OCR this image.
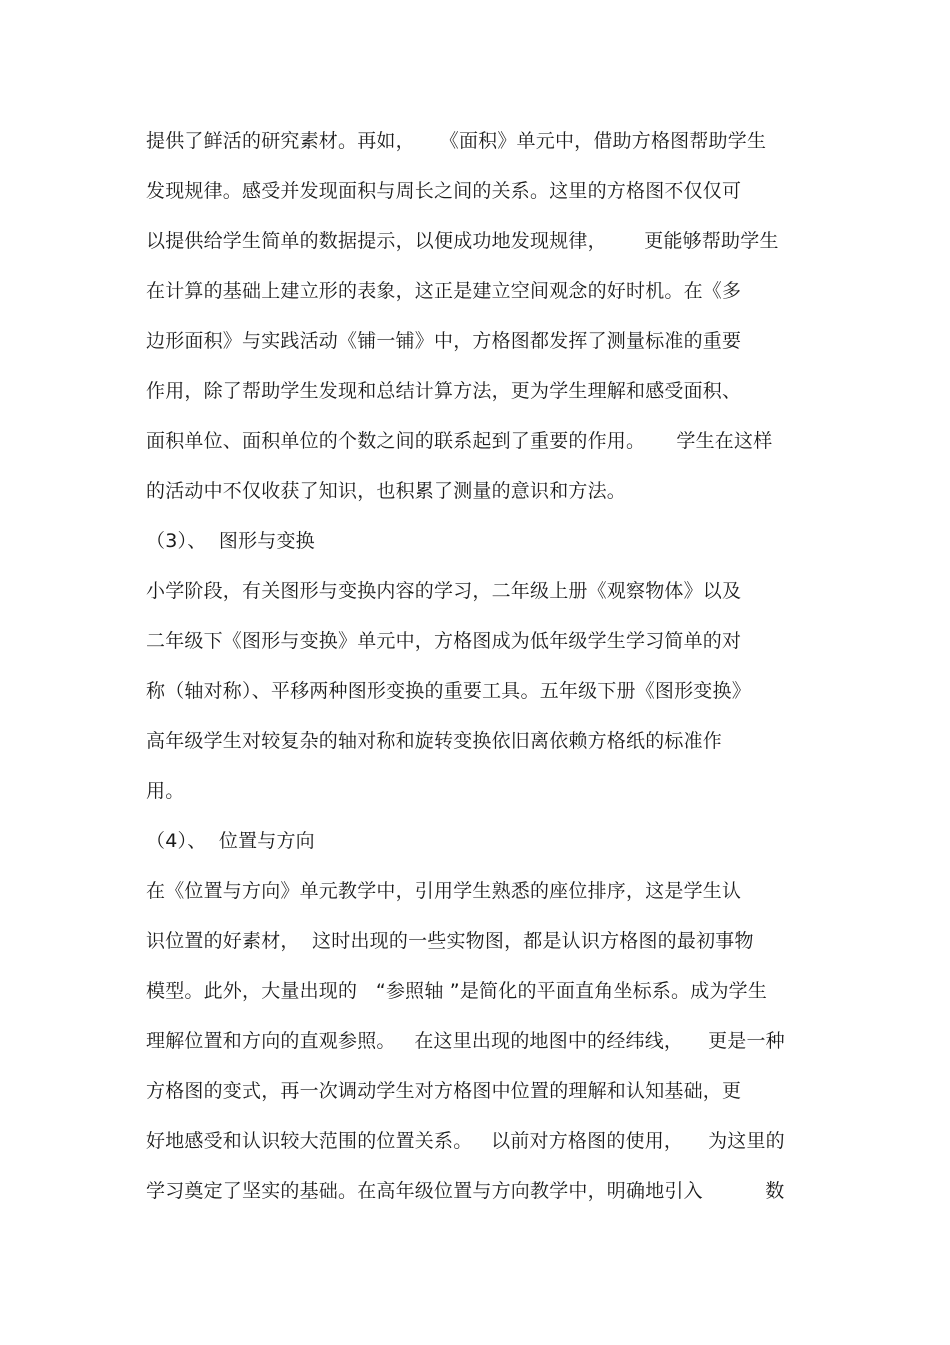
提供了鲜活的研究素材。再如，    《面积》单元中，借助方格图帮助学生
发现规律。感受并发现面积与周长之间的关系。这里的方格图不仅仅可
以提供给学生简单的数据提示，以便成功地发现规律，      更能够帮助学生
在计算的基础上建立形的表象，这正是建立空间观念的好时机。在《多
边形面积》与实践活动《铺一铺》中，方格图都发挥了测量标准的重要
作用，除了帮助学生发现和总结计算方法，更为学生理解和感受面积、
面积单位、面积单位的个数之间的联系起到了重要的作用。     学生在这样
的活动中不仅收获了知识，也积累了测量的意识和方法。
（3）、  图形与变换
小学阶段，有关图形与变换内容的学习，二年级上册《观察物体》以及
二年级下《图形与变换》单元中，方格图成为低年级学生学习简单的对
称（轴对称）、平移两种图形变换的重要工具。五年级下册《图形变换》
高年级学生对较复杂的轴对称和旋转变换依旧离依赖方格纸的标准作
用。
（4）、  位置与方向
在《位置与方向》单元教学中，引用学生熟悉的座位排序，这是学生认
识位置的好素材，  这时出现的一些实物图，都是认识方格图的最初事物
模型。此外，大量出现的   “参照轴 ”是简化的平面直角坐标系。成为学生
理解位置和方向的直观参照。   在这里出现的地图中的经纬线，    更是一种
方格图的变式，再一次调动学生对方格图中位置的理解和认知基础，更
好地感受和认识较大范围的位置关系。   以前对方格图的使用，    为这里的
学习奠定了坚实的基础。在高年级位置与方向教学中，明确地引入          数
